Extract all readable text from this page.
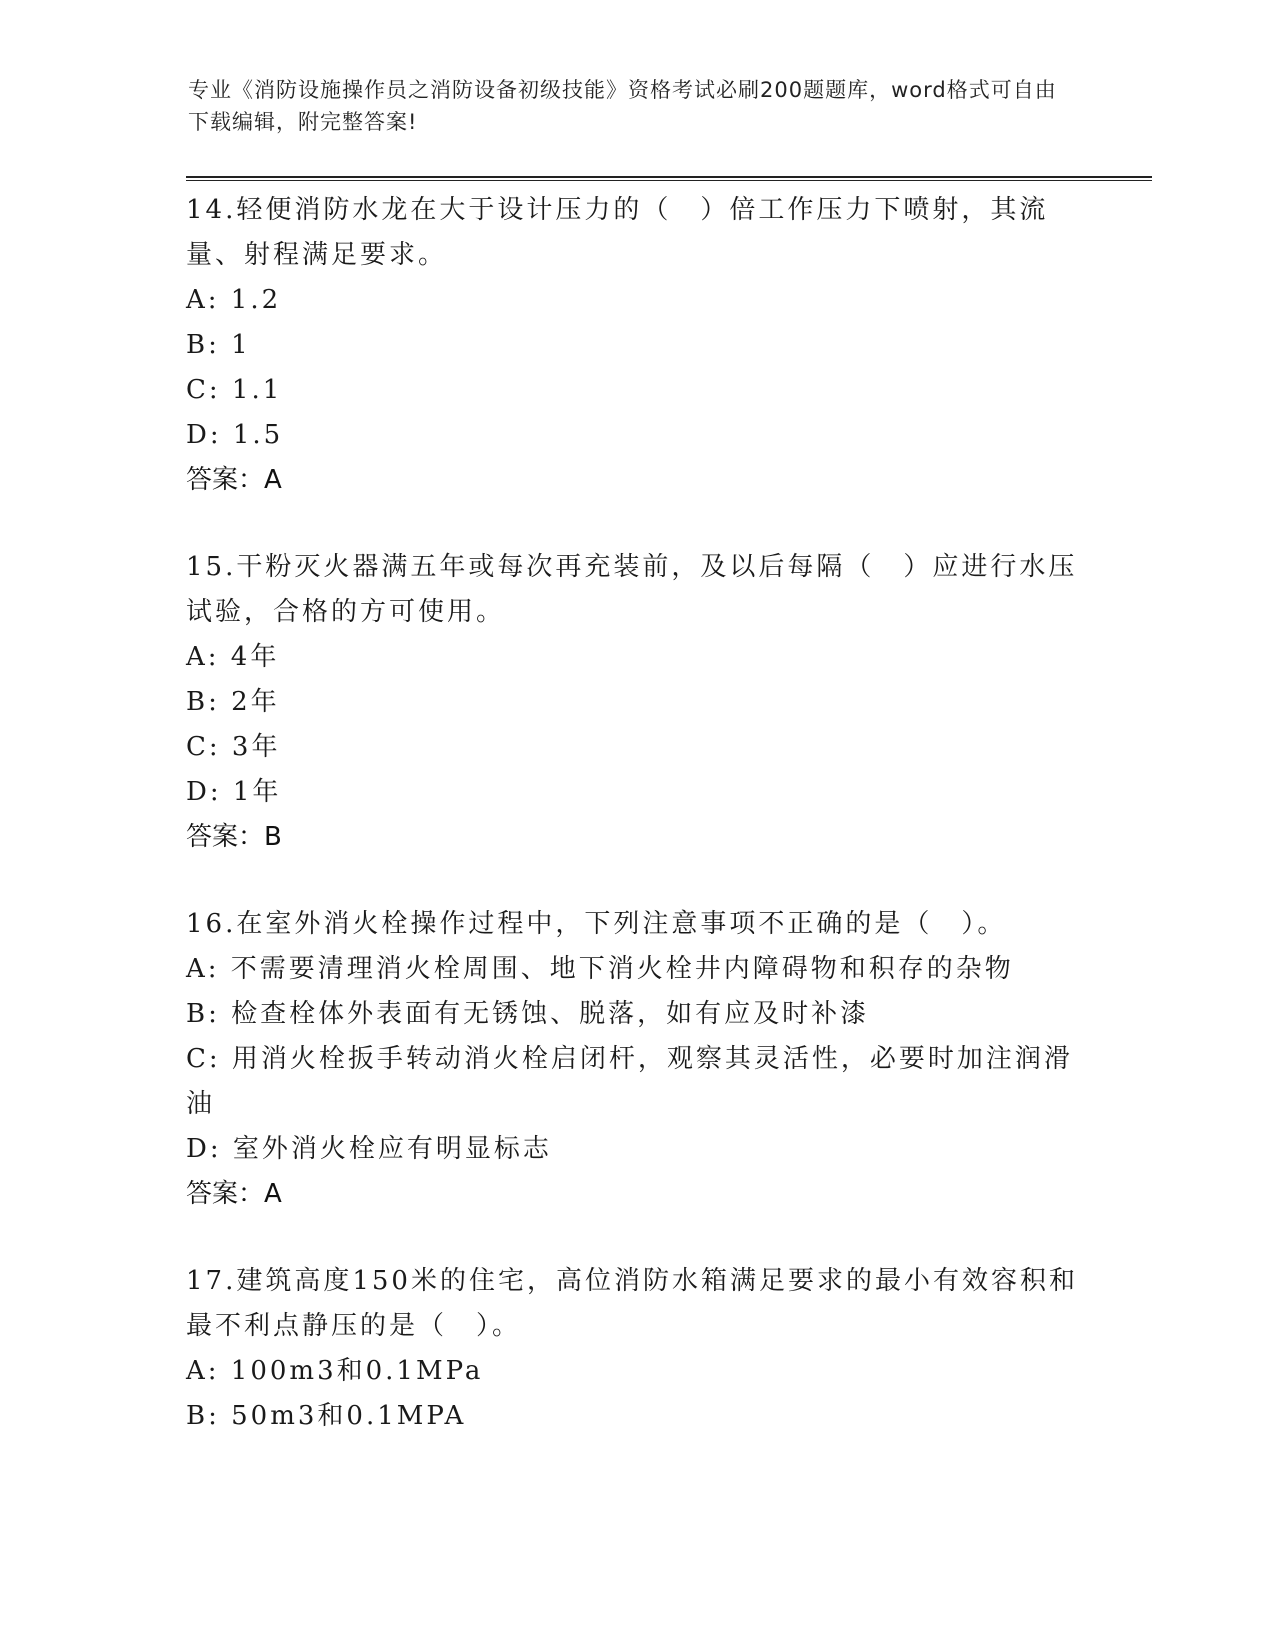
专业《消防设施操作员之消防设备初级技能》资格考试必刷200题题库，word格式可自由下载编辑，附完整答案!

14.轻便消防水龙在大于设计压力的（　）倍工作压力下喷射，其流量、射程满足要求。

A: 1.2

B: 1

C: 1.1

D: 1.5

答案：A

15.干粉灭火器满五年或每次再充装前，及以后每隔（　）应进行水压试验，合格的方可使用。

A: 4年

B: 2年

C: 3年

D: 1年

答案：B

16.在室外消火栓操作过程中，下列注意事项不正确的是（　）。

A: 不需要清理消火栓周围、地下消火栓井内障碍物和积存的杂物

B: 检查栓体外表面有无锈蚀、脱落，如有应及时补漆

C: 用消火栓扳手转动消火栓启闭杆，观察其灵活性，必要时加注润滑油

D: 室外消火栓应有明显标志

答案：A

17.建筑高度150米的住宅，高位消防水箱满足要求的最小有效容积和最不利点静压的是（　）。

A: 100m3和0.1MPa

B: 50m3和0.1MPA
